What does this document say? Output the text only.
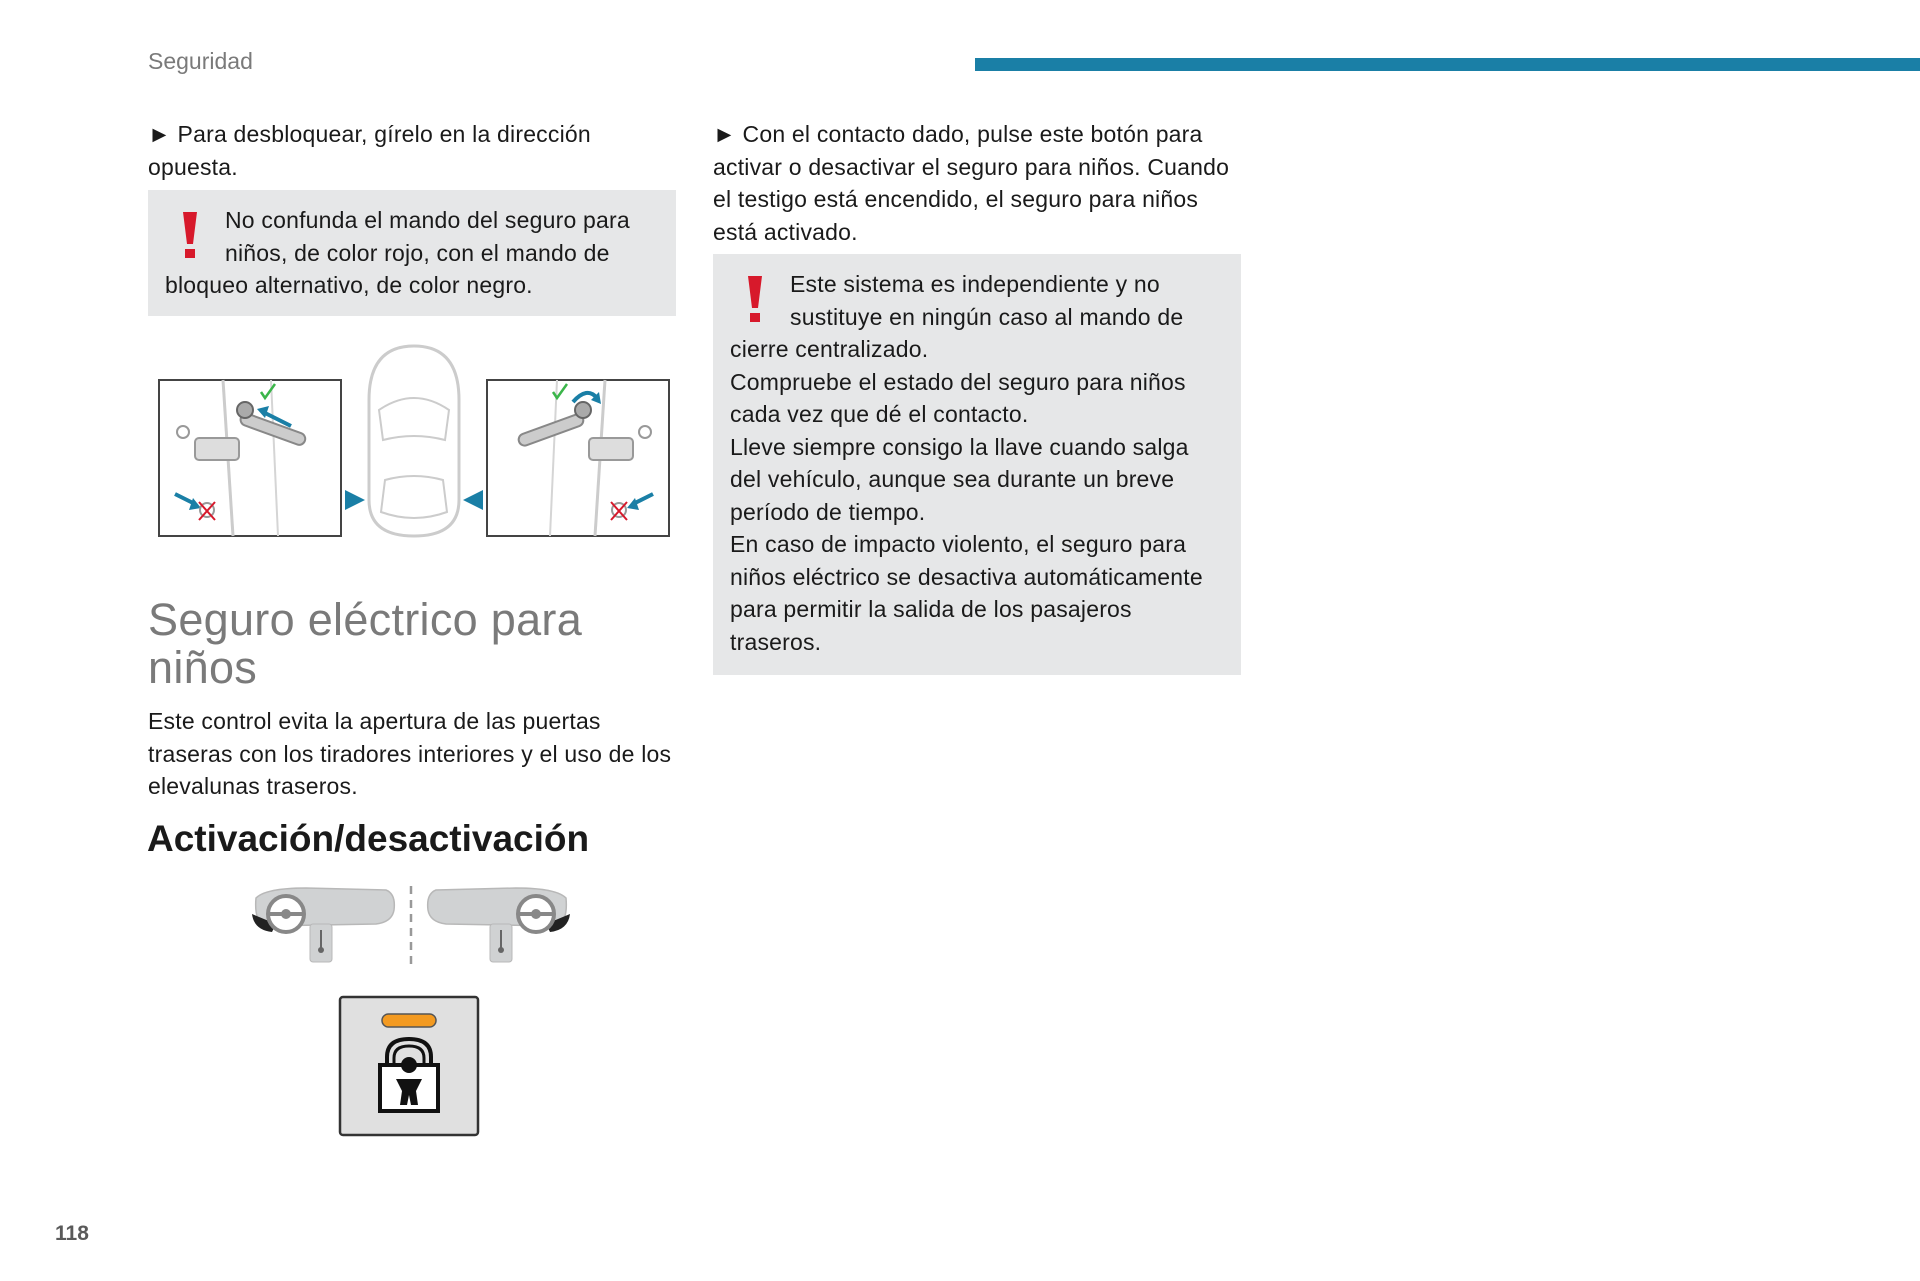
Seguridad

► Para desbloquear, gírelo en la dirección opuesta.

No confunda el mando del seguro para niños, de color rojo, con el mando de bloqueo alternativo, de color negro.

Seguro eléctrico para niños

Este control evita la apertura de las puertas traseras con los tiradores interiores y el uso de los elevalunas traseros.

Activación/desactivación

► Con el contacto dado, pulse este botón para activar o desactivar el seguro para niños. Cuando el testigo está encendido, el seguro para niños está activado.

Este sistema es independiente y no sustituye en ningún caso al mando de cierre centralizado.

Compruebe el estado del seguro para niños cada vez que dé el contacto.

Lleve siempre consigo la llave cuando salga del vehículo, aunque sea durante un breve período de tiempo.

En caso de impacto violento, el seguro para niños eléctrico se desactiva automáticamente para permitir la salida de los pasajeros traseros.

118
